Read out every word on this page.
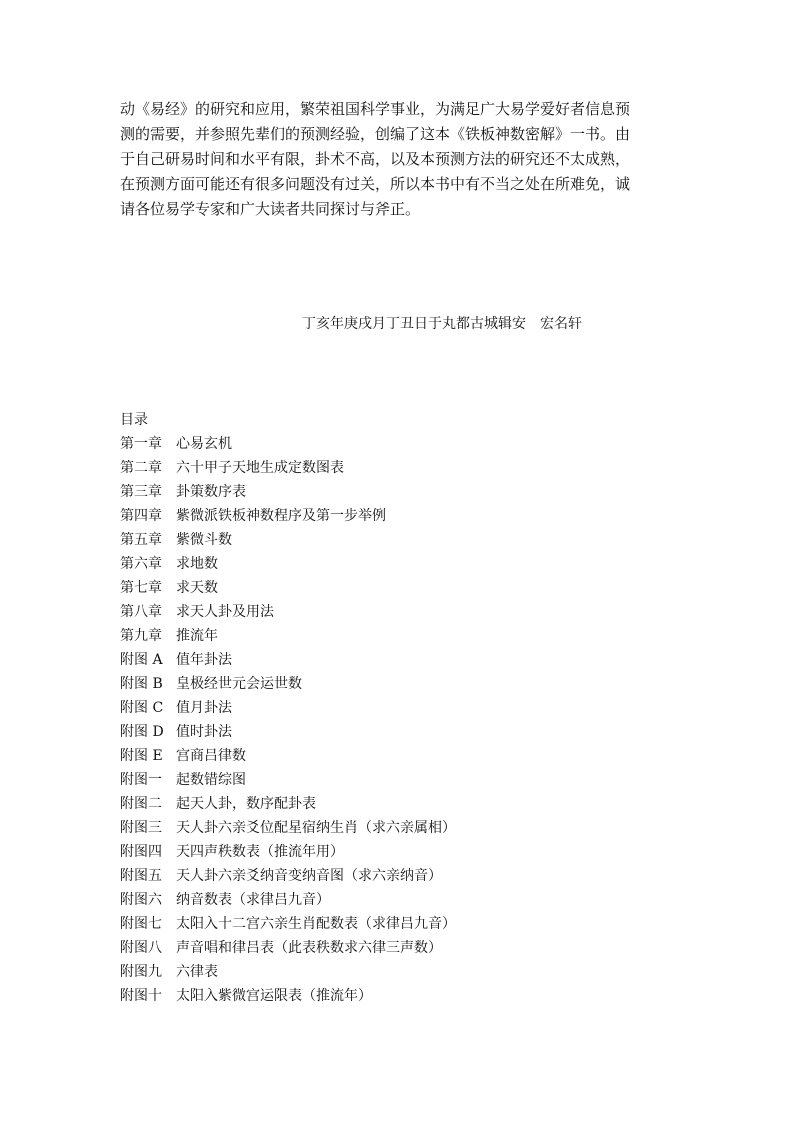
动《易经》的研究和应用，繁荣祖国科学事业，为满足广大易学爱好者信息预
测的需要，并参照先辈们的预测经验，创编了这本《铁板神数密解》一书。由
于自己研易时间和水平有限，卦术不高，以及本预测方法的研究还不太成熟，
在预测方面可能还有很多问题没有过关，所以本书中有不当之处在所难免，诚
请各位易学专家和广大读者共同探讨与斧正。
丁亥年庚戌月丁丑日于丸都古城辑安　宏名轩
目录
第一章 心易玄机
第二章 六十甲子天地生成定数图表
第三章 卦策数序表
第四章 紫微派铁板神数程序及第一步举例
第五章 紫微斗数
第六章 求地数
第七章 求天数
第八章 求天人卦及用法
第九章 推流年
附图 A 值年卦法
附图 B 皇极经世元会运世数
附图 C 值月卦法
附图 D 值时卦法
附图 E 宫商吕律数
附图一 起数错综图
附图二 起天人卦，数序配卦表
附图三 天人卦六亲爻位配星宿纳生肖（求六亲属相）
附图四 天四声秩数表（推流年用）
附图五 天人卦六亲爻纳音变纳音图（求六亲纳音）
附图六 纳音数表（求律吕九音）
附图七 太阳入十二宫六亲生肖配数表（求律吕九音）
附图八 声音唱和律吕表（此表秩数求六律三声数）
附图九 六律表
附图十 太阳入紫微宫运限表（推流年）
